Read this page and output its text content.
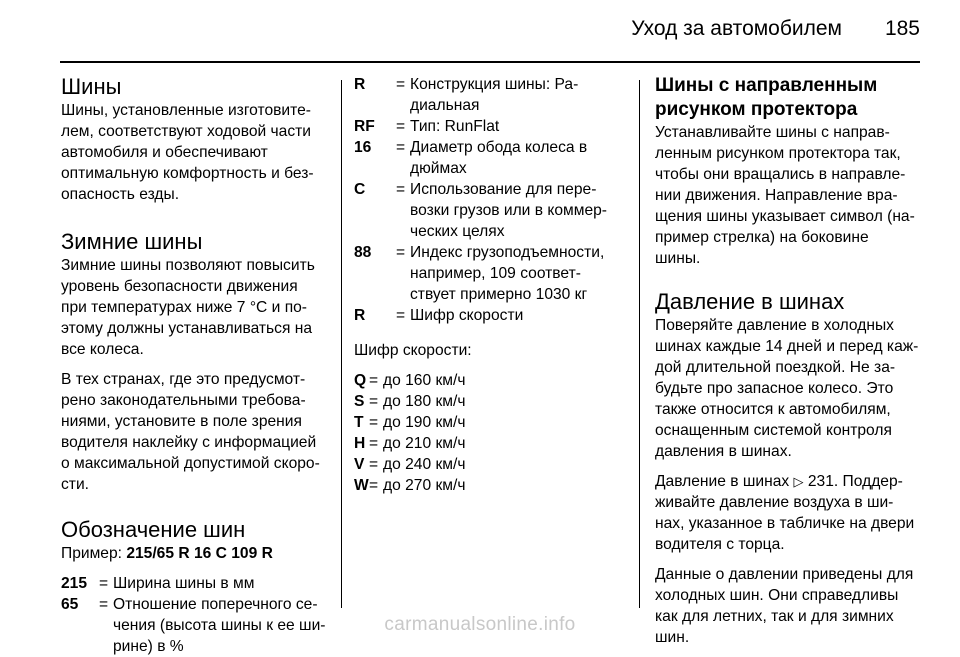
Уход за автомобилем 185
Шины

Шины, установленные изготовите-
лем, соответствуют ходовой части
автомобиля и обеспечивают
оптимальную комфортность и без-
опасность езды.

Зимние шины

Зимние шины позволяют повысить
уровень безопасности движения
при температурах ниже 7 °C и по-
этому должны устанавливаться на
все колеса.

В тех странах, где это предусмот-
рено законодательными требова-
ниями, установите в поле зрения
водителя наклейку с информацией
о максимальной допустимой скоро-
сти.

Обозначение шин

Пример: 215/65 R 16 C 109 R

215 = Ширина шины в мм
65	= Отношение поперечного се-
чения (высота шины к ее ши-
рине) в %
R	= Конструкция шины: Ра-
диальная
RF	= Тип: RunFlat
16	= Диаметр обода колеса в
дюймах
C	= Использование для пере-
возки грузов или в коммер-
ческих целях
88	= Индекс грузоподъемности,
например, 109 соответ-
ствует примерно 1030 кг
R	= Шифр скорости

Шифр скорости:

Q = до 160 км/ч
S = до 180 км/ч
T = до 190 км/ч
H = до 210 км/ч
V = до 240 км/ч
W = до 270 км/ч
Шины с направленным
рисунком протектора

Устанавливайте шины с направ-
ленным рисунком протектора так,
чтобы они вращались в направле-
нии движения. Направление вра-
щения шины указывает символ (на-
пример стрелка) на боковине
шины.

Давление в шинах

Поверяйте давление в холодных
шинах каждые 14 дней и перед каж-
дой длительной поездкой. Не за-
будьте про запасное колесо. Это
также относится к автомобилям,
оснащенным системой контроля
давления в шинах.

Давление в шинах ▷ 231. Поддер-
живайте давление воздуха в ши-
нах, указанное в табличке на двери
водителя с торца.

Данные о давлении приведены для
холодных шин. Они справедливы
как для летних, так и для зимних
шин.

carmanualsonline.info
